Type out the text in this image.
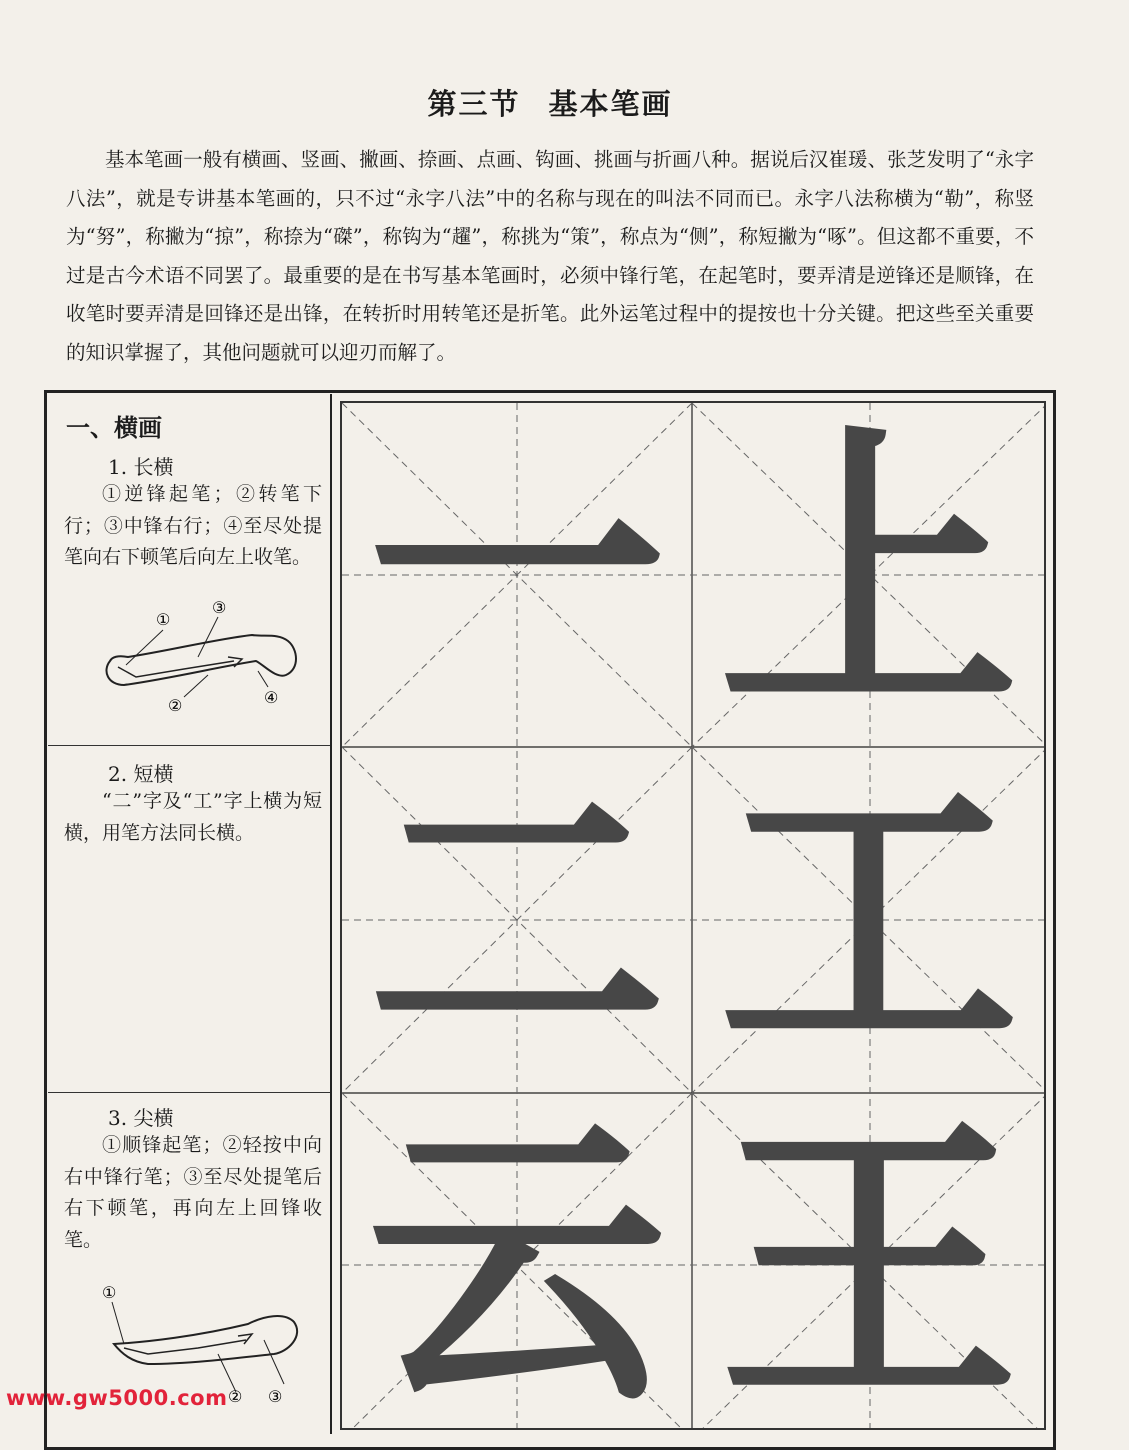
第三节 基本笔画

基本笔画一般有横画、竖画、撇画、捺画、点画、钩画、挑画与折画八种。据说后汉崔瑗、张芝发明了“永字八法”，就是专讲基本笔画的，只不过“永字八法”中的名称与现在的叫法不同而已。永字八法称横为“勒”，称竖为“努”，称撇为“掠”，称捺为“磔”，称钩为“趯”，称挑为“策”，称点为“侧”，称短撇为“啄”。但这都不重要，不过是古今术语不同罢了。最重要的是在书写基本笔画时，必须中锋行笔，在起笔时，要弄清是逆锋还是顺锋，在收笔时要弄清是回锋还是出锋，在转折时用转笔还是折笔。此外运笔过程中的提按也十分关键。把这些至关重要的知识掌握了，其他问题就可以迎刃而解了。

一、横画
1. 长横
①逆锋起笔；②转笔下行；③中锋右行；④至尽处提笔向右下顿笔后向左上收笔。
①
③
④
②
2. 短横
“二”字及“工”字上横为短横，用笔方法同长横。
3. 尖横
①顺锋起笔；②轻按中向右中锋行笔；③至尽处提笔后右下顿笔，再向左上回锋收笔。
①
② ③
一 上
二 工
云 王
www.gw5000.com
